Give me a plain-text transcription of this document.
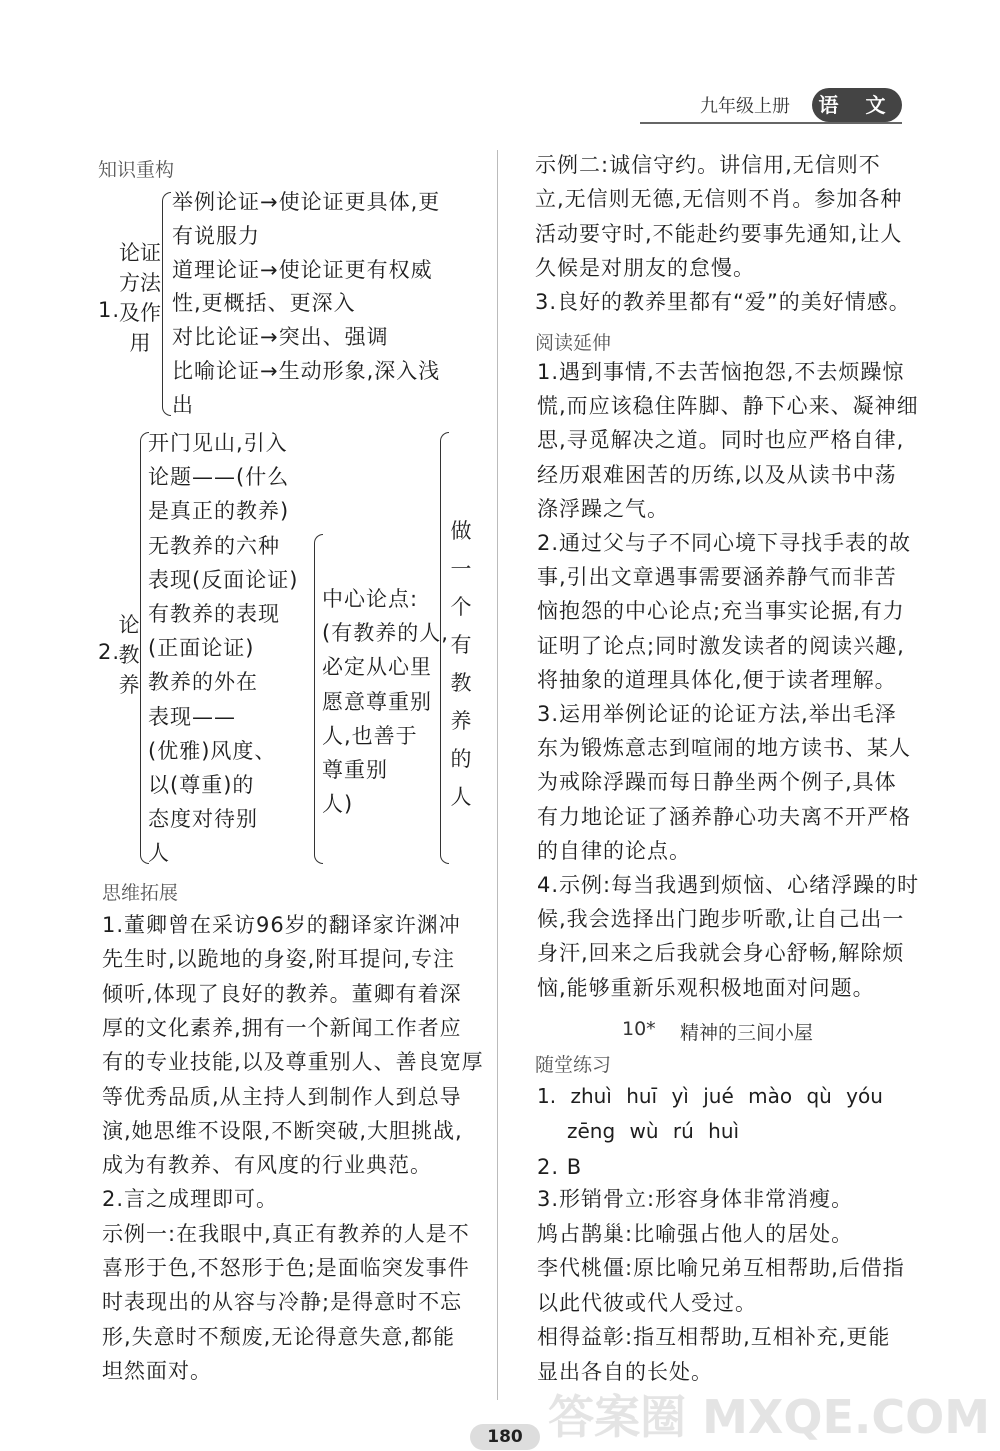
九年级上册	语 文
知识重构
1.
论证方法及作用
举例论证→使论证更具体,更
有说服力
道理论证→使论证更有权威
性,更概括、更深入
对比论证→突出、强调
比喻论证→生动形象,深入浅
出
2.
论教养
开门见山,引入
论题——(什么
是真正的教养)
无教养的六种
表现(反面论证)
有教养的表现
(正面论证)
教养的外在
表现——
(优雅)风度、
以(尊重)的
态度对待别
人
中心论点:
(有教养的人,
必定从心里
愿意尊重别
人,也善于
尊重别
人)
做一个有教养的人
思维拓展
1.董卿曾在采访96岁的翻译家许渊冲
先生时,以跪地的身姿,附耳提问,专注
倾听,体现了良好的教养。董卿有着深
厚的文化素养,拥有一个新闻工作者应
有的专业技能,以及尊重别人、善良宽厚
等优秀品质,从主持人到制作人到总导
演,她思维不设限,不断突破,大胆挑战,
成为有教养、有风度的行业典范。
2.言之成理即可。
示例一:在我眼中,真正有教养的人是不
喜形于色,不怒形于色;是面临突发事件
时表现出的从容与冷静;是得意时不忘
形,失意时不颓废,无论得意失意,都能
坦然面对。
示例二:诚信守约。讲信用,无信则不
立,无信则无德,无信则不肖。参加各种
活动要守时,不能赴约要事先通知,让人
久候是对朋友的怠慢。
3.良好的教养里都有“爱”的美好情感。
阅读延伸
1.遇到事情,不去苦恼抱怨,不去烦躁惊
慌,而应该稳住阵脚、静下心来、凝神细
思,寻觅解决之道。同时也应严格自律,
经历艰难困苦的历练,以及从读书中荡
涤浮躁之气。
2.通过父与子不同心境下寻找手表的故
事,引出文章遇事需要涵养静气而非苦
恼抱怨的中心论点;充当事实论据,有力
证明了论点;同时激发读者的阅读兴趣,
将抽象的道理具体化,便于读者理解。
3.运用举例论证的论证方法,举出毛泽
东为锻炼意志到喧闹的地方读书、某人
为戒除浮躁而每日静坐两个例子,具体
有力地论证了涵养静心功夫离不开严格
的自律的论点。
4.示例:每当我遇到烦恼、心绪浮躁的时
候,我会选择出门跑步听歌,让自己出一
身汗,回来之后我就会身心舒畅,解除烦
恼,能够重新乐观积极地面对问题。
10* 精神的三间小屋
随堂练习
1. zhuì huī yì jué mào qù yóu
zēng wù rú huì
2. B
3.形销骨立:形容身体非常消瘦。
鸠占鹊巢:比喻强占他人的居处。
李代桃僵:原比喻兄弟互相帮助,后借指
以此代彼或代人受过。
相得益彰:指互相帮助,互相补充,更能
显出各自的长处。
180 答案圈 MXQE.COM
